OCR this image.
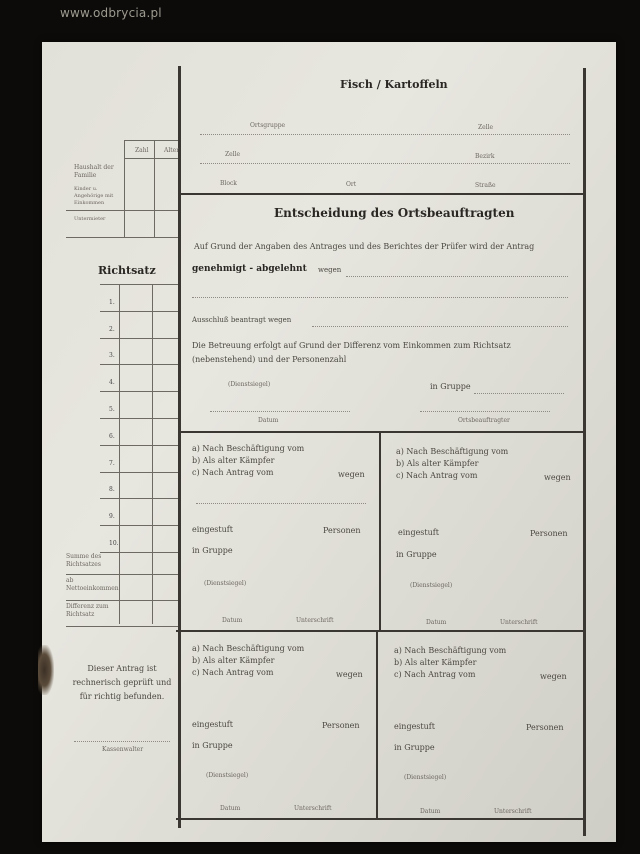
www.odbrycia.pl
Fisch / Kartoffeln
Ortsgruppe	Zelle
Zelle	Bezirk
Block	Ort	Straße
Entscheidung des Ortsbeauftragten
Auf Grund der Angaben des Antrages und des Berichtes der Prüfer wird der Antrag
genehmigt - abgelehnt wegen
Ausschluß beantragt wegen
Die Betreuung erfolgt auf Grund der Differenz vom Einkommen zum Richtsatz (nebenstehend) und der Personenzahl
(Dienstsiegel)	in Gruppe
Datum	Ortsbeauftragter
a) Nach Beschäftigung vom
b) Als alter Kämpfer
c) Nach Antrag vom	wegen
eingestuft	Personen
in Gruppe
(Dienstsiegel)
Datum	Unterschrift
a) Nach Beschäftigung vom
b) Als alter Kämpfer
c) Nach Antrag vom	wegen
eingestuft	Personen
in Gruppe
(Dienstsiegel)
Datum	Unterschrift
a) Nach Beschäftigung vom
b) Als alter Kämpfer
c) Nach Antrag vom	wegen
eingestuft	Personen
in Gruppe
(Dienstsiegel)
Datum	Unterschrift
a) Nach Beschäftigung vom
b) Als alter Kämpfer
c) Nach Antrag vom	wegen
eingestuft	Personen
in Gruppe
(Dienstsiegel)
Datum	Unterschrift
Zahl	Alter
Haushalt der Familie
Kinder u. Angehörige mit Einkommen
Untermieter
Richtsatz
1.
2.
3.
4.
5.
6.
7.
8.
9.
10.
Summe des Richtsatzes
ab Nettoeinkommen
Differenz zum Richtsatz
Dieser Antrag ist rechnerisch geprüft und für richtig befunden.
Kassenwalter
